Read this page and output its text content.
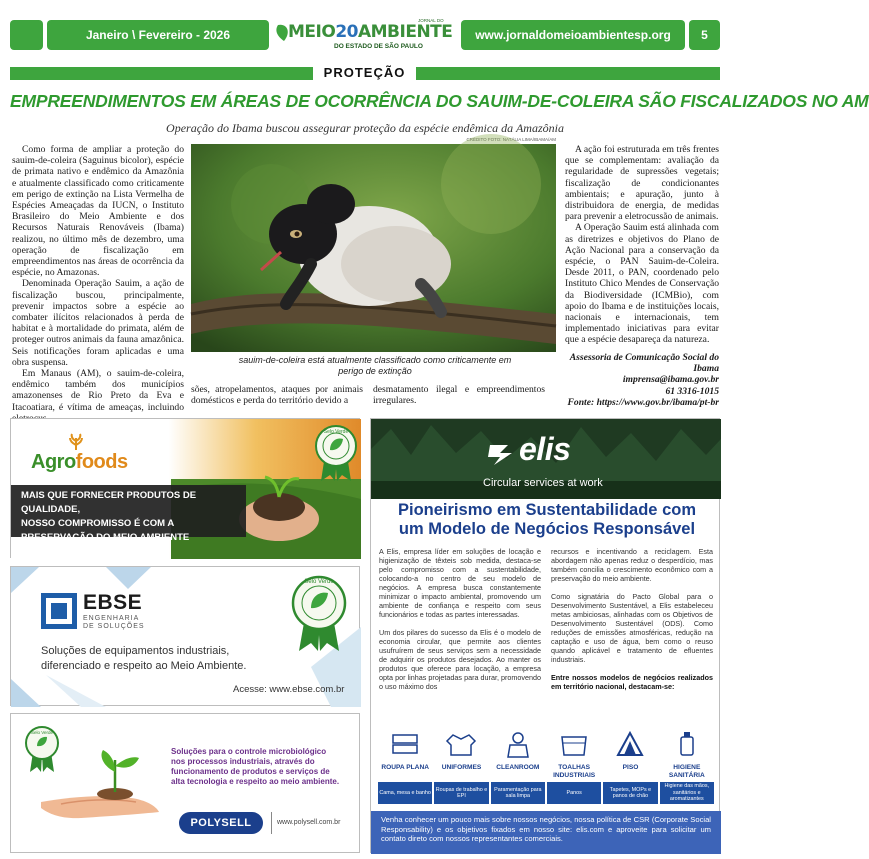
Janeiro \ Fevereiro - 2026
JORNAL DO
MEIO20AMBIENTE
DO ESTADO DE SÃO PAULO
www.jornaldomeioambientesp.org	5
PROTEÇÃO
EMPREENDIMENTOS EM ÁREAS DE OCORRÊNCIA DO SAUIM-DE-COLEIRA SÃO FISCALIZADOS NO AM
Operação do Ibama buscou assegurar proteção da espécie endêmica da Amazônia

Como forma de ampliar a proteção do sauim-de-coleira (Saguinus bicolor), espécie de primata nativo e endêmico da Amazônia e atualmente classificado como criticamente em perigo de extinção na Lista Vermelha de Espécies Ameaçadas da IUCN, o Instituto Brasileiro do Meio Ambiente e dos Recursos Naturais Renováveis (Ibama) realizou, no último mês de dezembro, uma operação de fiscalização em empreendimentos nas áreas de ocorrência da espécie, no Amazonas.

Denominada Operação Sauim, a ação de fiscalização buscou, principalmente, prevenir impactos sobre a espécie ao combater ilícitos relacionados à perda de habitat e à mortalidade do primata, além de proteger outros animais da fauna amazônica. Seis notificações foram aplicadas e uma obra suspensa.

Em Manaus (AM), o sauim-de-coleira, endêmico também dos municípios amazonenses de Rio Preto da Eva e Itacoatiara, é vítima de ameaças, incluindo

CRÉDITO FOTO: NATÁLIA LIMA/IBAMA/AM
sauim-de-coleira está atualmente classificado como criticamente em perigo de extinção

sões, atropelamentos, ataques por animais domésticos e perda do território devido a

desmatamento ilegal e empreendimentos irregulares.

A ação foi estruturada em três frentes que se complementam: avaliação da regularidade de supressões vegetais; fiscalização de condicionantes ambientais; e apuração, junto à distribuidora de energia, de medidas para prevenir a eletrocussão de animais.

A Operação Sauim está alinhada com as diretrizes e objetivos do Plano de Ação Nacional para a conservação da espécie, o PAN Sauim-de-Coleira. Desde 2011, o PAN, coordenado pelo Instituto Chico Mendes de Conservação da Biodiversidade (ICMBio), com apoio do Ibama e de instituições locais, nacionais e internacionais, tem implementado iniciativas para evitar que a espécie desapareça da natureza.

Assessoria de Comunicação Social do Ibama
imprensa@ibama.gov.br
61 3316-1015
Fonte: https://www.gov.br/ibama/pt-br
Agrofoods
MAIS QUE FORNECER PRODUTOS DE QUALIDADE,
NOSSO COMPROMISSO É COM A
PRESERVAÇÃO DO MEIO AMBIENTE
Selo Verde
EBSE
ENGENHARIA
DE SOLUÇÕES
Soluções de equipamentos industriais,
diferenciado e respeito ao Meio Ambiente.
Acesse: www.ebse.com.br
Selo Verde
Selo Verde
Soluções para o controle microbiológico
nos processos industriais, através do
funcionamento de produtos e serviços de
alta tecnologia e respeito ao meio ambiente.
POLYSELL	www.polysell.com.br
elis
Circular services at work
Pioneirismo em Sustentabilidade com
um Modelo de Negócios Responsável

A Elis, empresa líder em soluções de locação e higienização de têxteis sob medida, destaca-se pelo compromisso com a sustentabilidade, colocando-a no centro de seu modelo de negócios. A empresa busca constantemente minimizar o impacto ambiental, promovendo um ambiente de confiança e respeito com seus funcionários e todas as partes interessadas.

Um dos pilares do sucesso da Elis é o modelo de economia circular, que permite aos clientes usufruírem de seus serviços sem a necessidade de adquirir os produtos desejados. Ao manter os produtos que oferece para locação, a empresa opta por linhas projetadas para durar, promovendo o uso máximo dos

recursos e incentivando a reciclagem. Esta abordagem não apenas reduz o desperdício, mas também concilia o crescimento econômico com a preservação do meio ambiente.

Como signatária do Pacto Global para o Desenvolvimento Sustentável, a Elis estabeleceu metas ambiciosas, alinhadas com os Objetivos de Desenvolvimento Sustentável (ODS). Como reduções de emissões atmosféricas, redução na captação e uso de água, bem como o reuso quando aplicável e tratamento de efluentes industriais.

Entre nossos modelos de negócios realizados em território nacional, destacam-se:

ROUPA PLANA
Cama, mesa e banho
UNIFORMES
Roupas de trabalho e EPI
CLEANROOM
Paramentação para sala limpa
TOALHAS INDUSTRIAIS
Panos
PISO
Tapetes, MOPs e panos de chão
HIGIENE SANITÁRIA
Higiene das mãos, sanitários e aromatizantes
Venha conhecer um pouco mais sobre nossos negócios, nossa política de CSR (Corporate Social Responsability) e os objetivos fixados em nosso site: elis.com e aproveite para solicitar um contato direto com nossos representantes comerciais.
